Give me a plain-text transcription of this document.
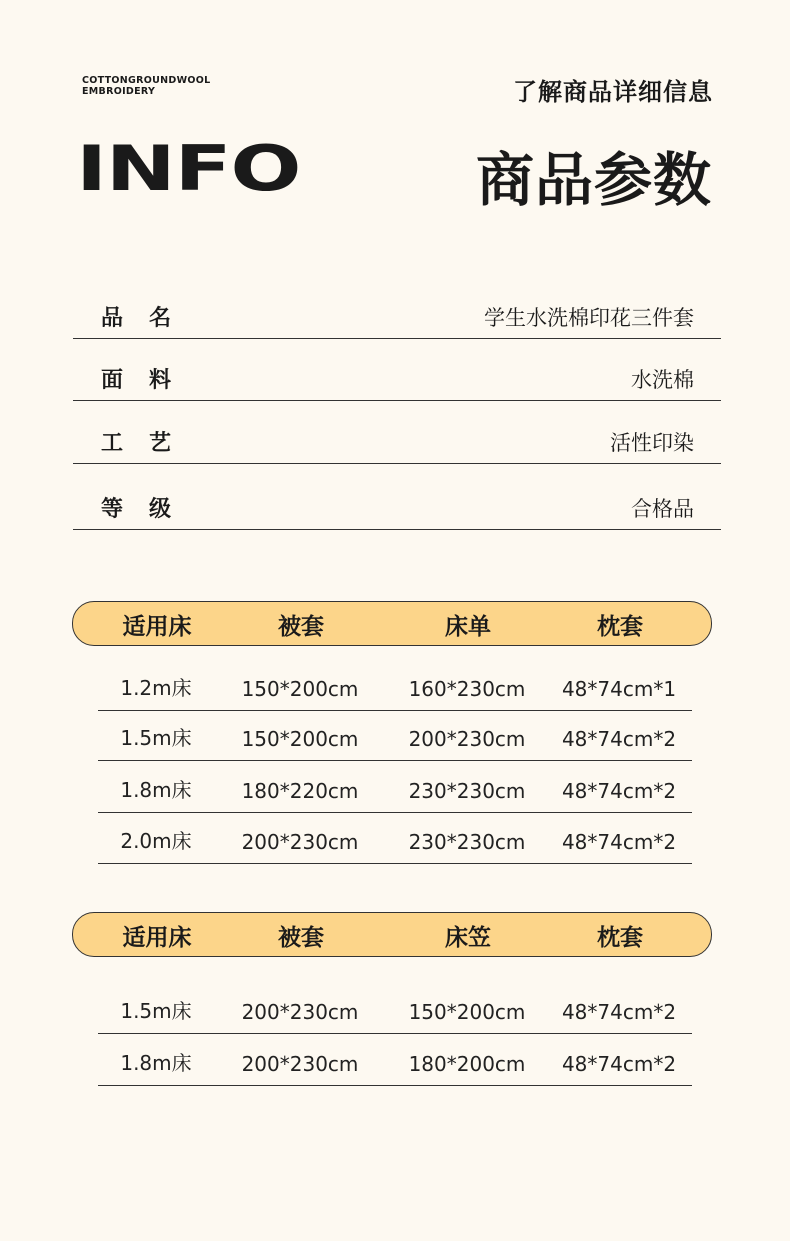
COTTONGROUNDWOOL
EMBROIDERY	了解商品详细信息
INFO	商品参数
品名	学生水洗棉印花三件套
面料	水洗棉
工艺	活性印染
等级	合格品
适用床	被套	床单	枕套
1.2m床 150*200cm	160*230cm 48*74cm*1
1.5m床 150*200cm	200*230cm 48*74cm*2
1.8m床 180*220cm	230*230cm 48*74cm*2
2.0m床 200*230cm	230*230cm 48*74cm*2
适用床	被套	床笠	枕套
1.5m床 200*230cm	150*200cm 48*74cm*2
1.8m床 200*230cm	180*200cm 48*74cm*2
